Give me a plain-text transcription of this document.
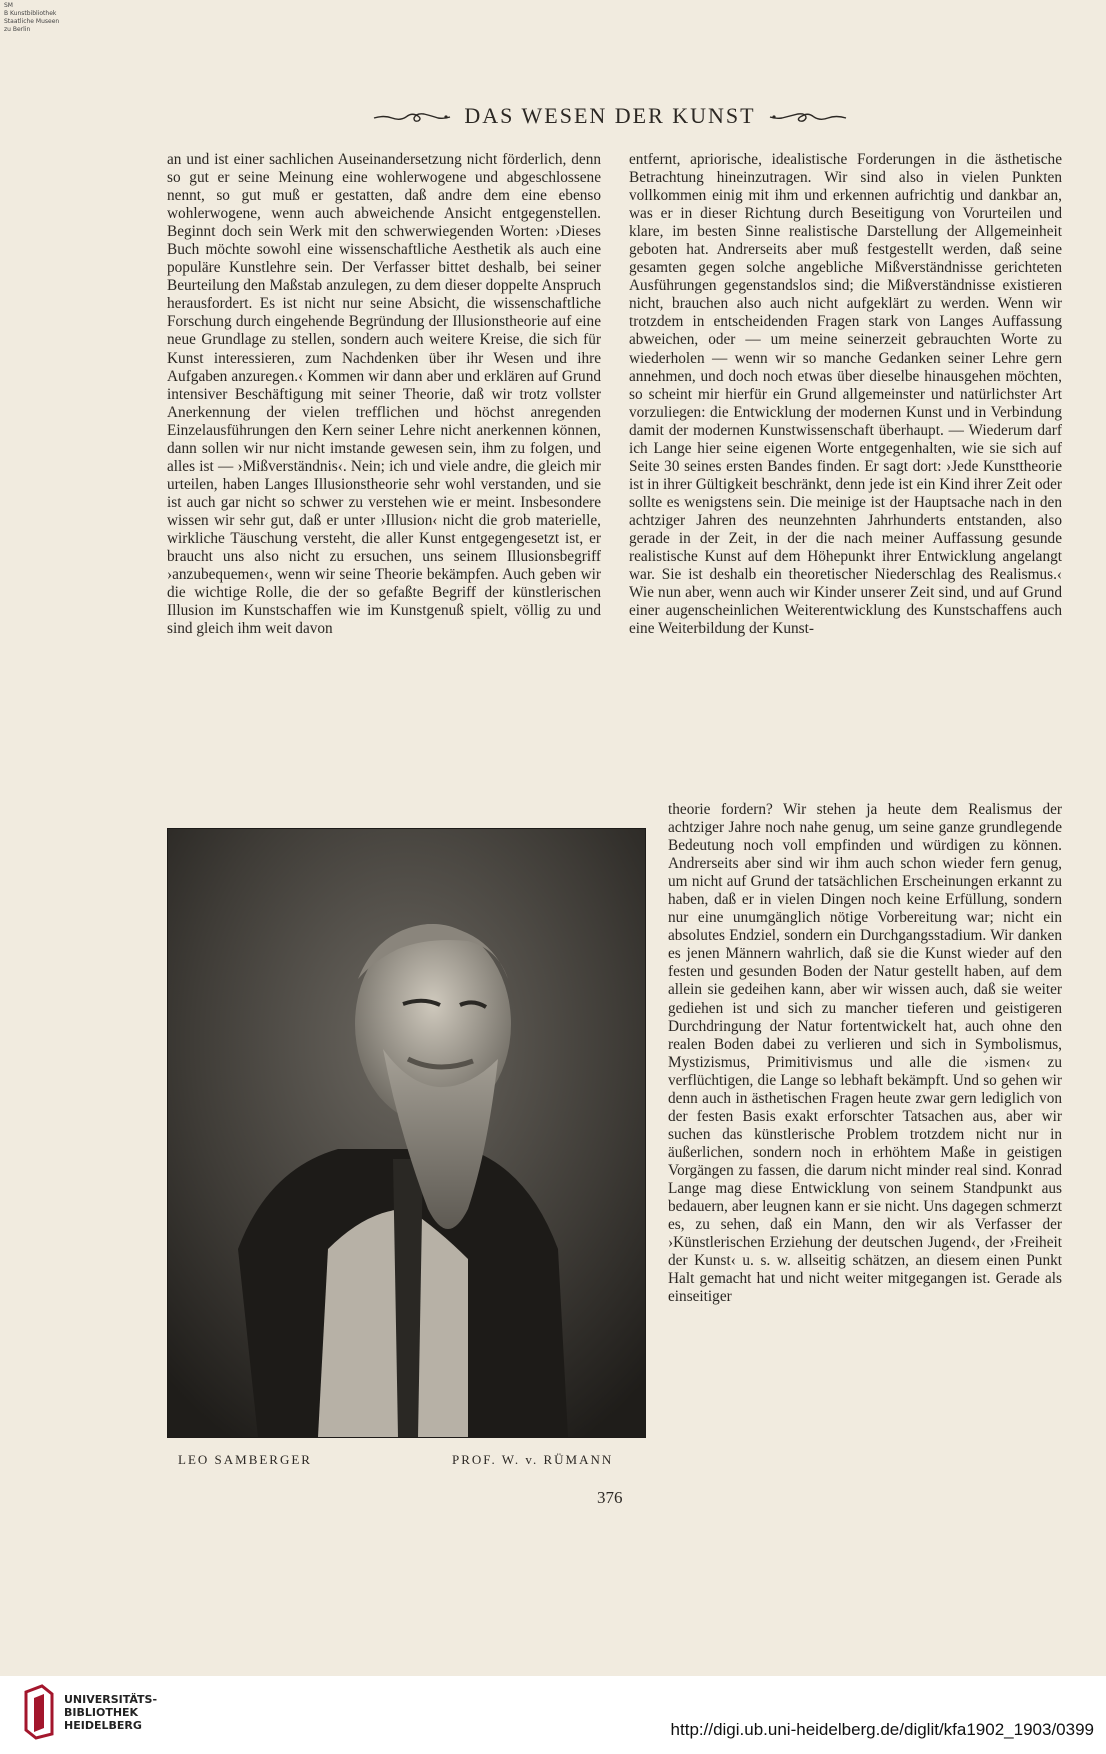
SM
B Kunstbibliothek
Staatliche Museen
zu Berlin
DAS WESEN DER KUNST

an und ist einer sachlichen Auseinandersetzung nicht förderlich, denn so gut er seine Meinung eine wohlerwogene und abgeschlossene nennt, so gut muß er gestatten, daß andre dem eine ebenso wohlerwogene, wenn auch abweichende Ansicht entgegenstellen. Beginnt doch sein Werk mit den schwerwiegenden Worten: ›Dieses Buch möchte sowohl eine wissenschaftliche Aesthetik als auch eine populäre Kunstlehre sein. Der Verfasser bittet deshalb, bei seiner Beurteilung den Maßstab anzulegen, zu dem dieser doppelte Anspruch herausfordert. Es ist nicht nur seine Absicht, die wissenschaftliche Forschung durch eingehende Begründung der Illusionstheorie auf eine neue Grundlage zu stellen, sondern auch weitere Kreise, die sich für Kunst interessieren, zum Nachdenken über ihr Wesen und ihre Aufgaben anzuregen.‹ Kommen wir dann aber und erklären auf Grund intensiver Beschäftigung mit seiner Theorie, daß wir trotz vollster Anerkennung der vielen trefflichen und höchst anregenden Einzelausführungen den Kern seiner Lehre nicht anerkennen können, dann sollen wir nur nicht imstande gewesen sein, ihm zu folgen, und alles ist — ›Mißverständnis‹. Nein; ich und viele andre, die gleich mir urteilen, haben Langes Illusionstheorie sehr wohl verstanden, und sie ist auch gar nicht so schwer zu verstehen wie er meint. Insbesondere wissen wir sehr gut, daß er unter ›Illusion‹ nicht die grob materielle, wirkliche Täuschung versteht, die aller Kunst entgegengesetzt ist, er braucht uns also nicht zu ersuchen, uns seinem Illusionsbegriff ›anzubequemen‹, wenn wir seine Theorie bekämpfen. Auch geben wir die wichtige Rolle, die der so gefaßte Begriff der künstlerischen Illusion im Kunstschaffen wie im Kunstgenuß spielt, völlig zu und sind gleich ihm weit davon

entfernt, apriorische, idealistische Forderungen in die ästhetische Betrachtung hineinzutragen. Wir sind also in vielen Punkten vollkommen einig mit ihm und erkennen aufrichtig und dankbar an, was er in dieser Richtung durch Beseitigung von Vorurteilen und klare, im besten Sinne realistische Darstellung der Allgemeinheit geboten hat. Andrerseits aber muß festgestellt werden, daß seine gesamten gegen solche angebliche Mißverständnisse gerichteten Ausführungen gegenstandslos sind; die Mißverständnisse existieren nicht, brauchen also auch nicht aufgeklärt zu werden. Wenn wir trotzdem in entscheidenden Fragen stark von Langes Auffassung abweichen, oder — um meine seinerzeit gebrauchten Worte zu wiederholen — wenn wir so manche Gedanken seiner Lehre gern annehmen, und doch noch etwas über dieselbe hinausgehen möchten, so scheint mir hierfür ein Grund allgemeinster und natürlichster Art vorzuliegen: die Entwicklung der modernen Kunst und in Verbindung damit der modernen Kunstwissenschaft überhaupt. — Wiederum darf ich Lange hier seine eigenen Worte entgegenhalten, wie sie sich auf Seite 30 seines ersten Bandes finden. Er sagt dort: ›Jede Kunsttheorie ist in ihrer Gültigkeit beschränkt, denn jede ist ein Kind ihrer Zeit oder sollte es wenigstens sein. Die meinige ist der Hauptsache nach in den achtziger Jahren des neunzehnten Jahrhunderts entstanden, also gerade in der Zeit, in der die nach meiner Auffassung gesunde realistische Kunst auf dem Höhepunkt ihrer Entwicklung angelangt war. Sie ist deshalb ein theoretischer Niederschlag des Realismus.‹ Wie nun aber, wenn auch wir Kinder unserer Zeit sind, und auf Grund einer augenscheinlichen Weiterentwicklung des Kunstschaffens auch eine Weiterbildung der Kunst-

theorie fordern? Wir stehen ja heute dem Realismus der achtziger Jahre noch nahe genug, um seine ganze grundlegende Bedeutung noch voll empfinden und würdigen zu können. Andrerseits aber sind wir ihm auch schon wieder fern genug, um nicht auf Grund der tatsächlichen Erscheinungen erkannt zu haben, daß er in vielen Dingen noch keine Erfüllung, sondern nur eine unumgänglich nötige Vorbereitung war; nicht ein absolutes Endziel, sondern ein Durchgangsstadium. Wir danken es jenen Männern wahrlich, daß sie die Kunst wieder auf den festen und gesunden Boden der Natur gestellt haben, auf dem allein sie gedeihen kann, aber wir wissen auch, daß sie weiter gediehen ist und sich zu mancher tieferen und geistigeren Durchdringung der Natur fortentwickelt hat, auch ohne den realen Boden dabei zu verlieren und sich in Symbolismus, Mystizismus, Primitivismus und alle die ›ismen‹ zu verflüchtigen, die Lange so lebhaft bekämpft. Und so gehen wir denn auch in ästhetischen Fragen heute zwar gern lediglich von der festen Basis exakt erforschter Tatsachen aus, aber wir suchen das künstlerische Problem trotzdem nicht nur in äußerlichen, sondern noch in erhöhtem Maße in geistigen Vorgängen zu fassen, die darum nicht minder real sind. Konrad Lange mag diese Entwicklung von seinem Standpunkt aus bedauern, aber leugnen kann er sie nicht. Uns dagegen schmerzt es, zu sehen, daß ein Mann, den wir als Verfasser der ›Künstlerischen Erziehung der deutschen Jugend‹, der ›Freiheit der Kunst‹ u. s. w. allseitig schätzen, an diesem einen Punkt Halt gemacht hat und nicht weiter mitgegangen ist. Gerade als einseitiger

LEO SAMBERGER	PROF. W. v. RÜMANN
376
UNIVERSITÄTS-
BIBLIOTHEK
HEIDELBERG	http://digi.ub.uni-heidelberg.de/diglit/kfa1902_1903/0399
